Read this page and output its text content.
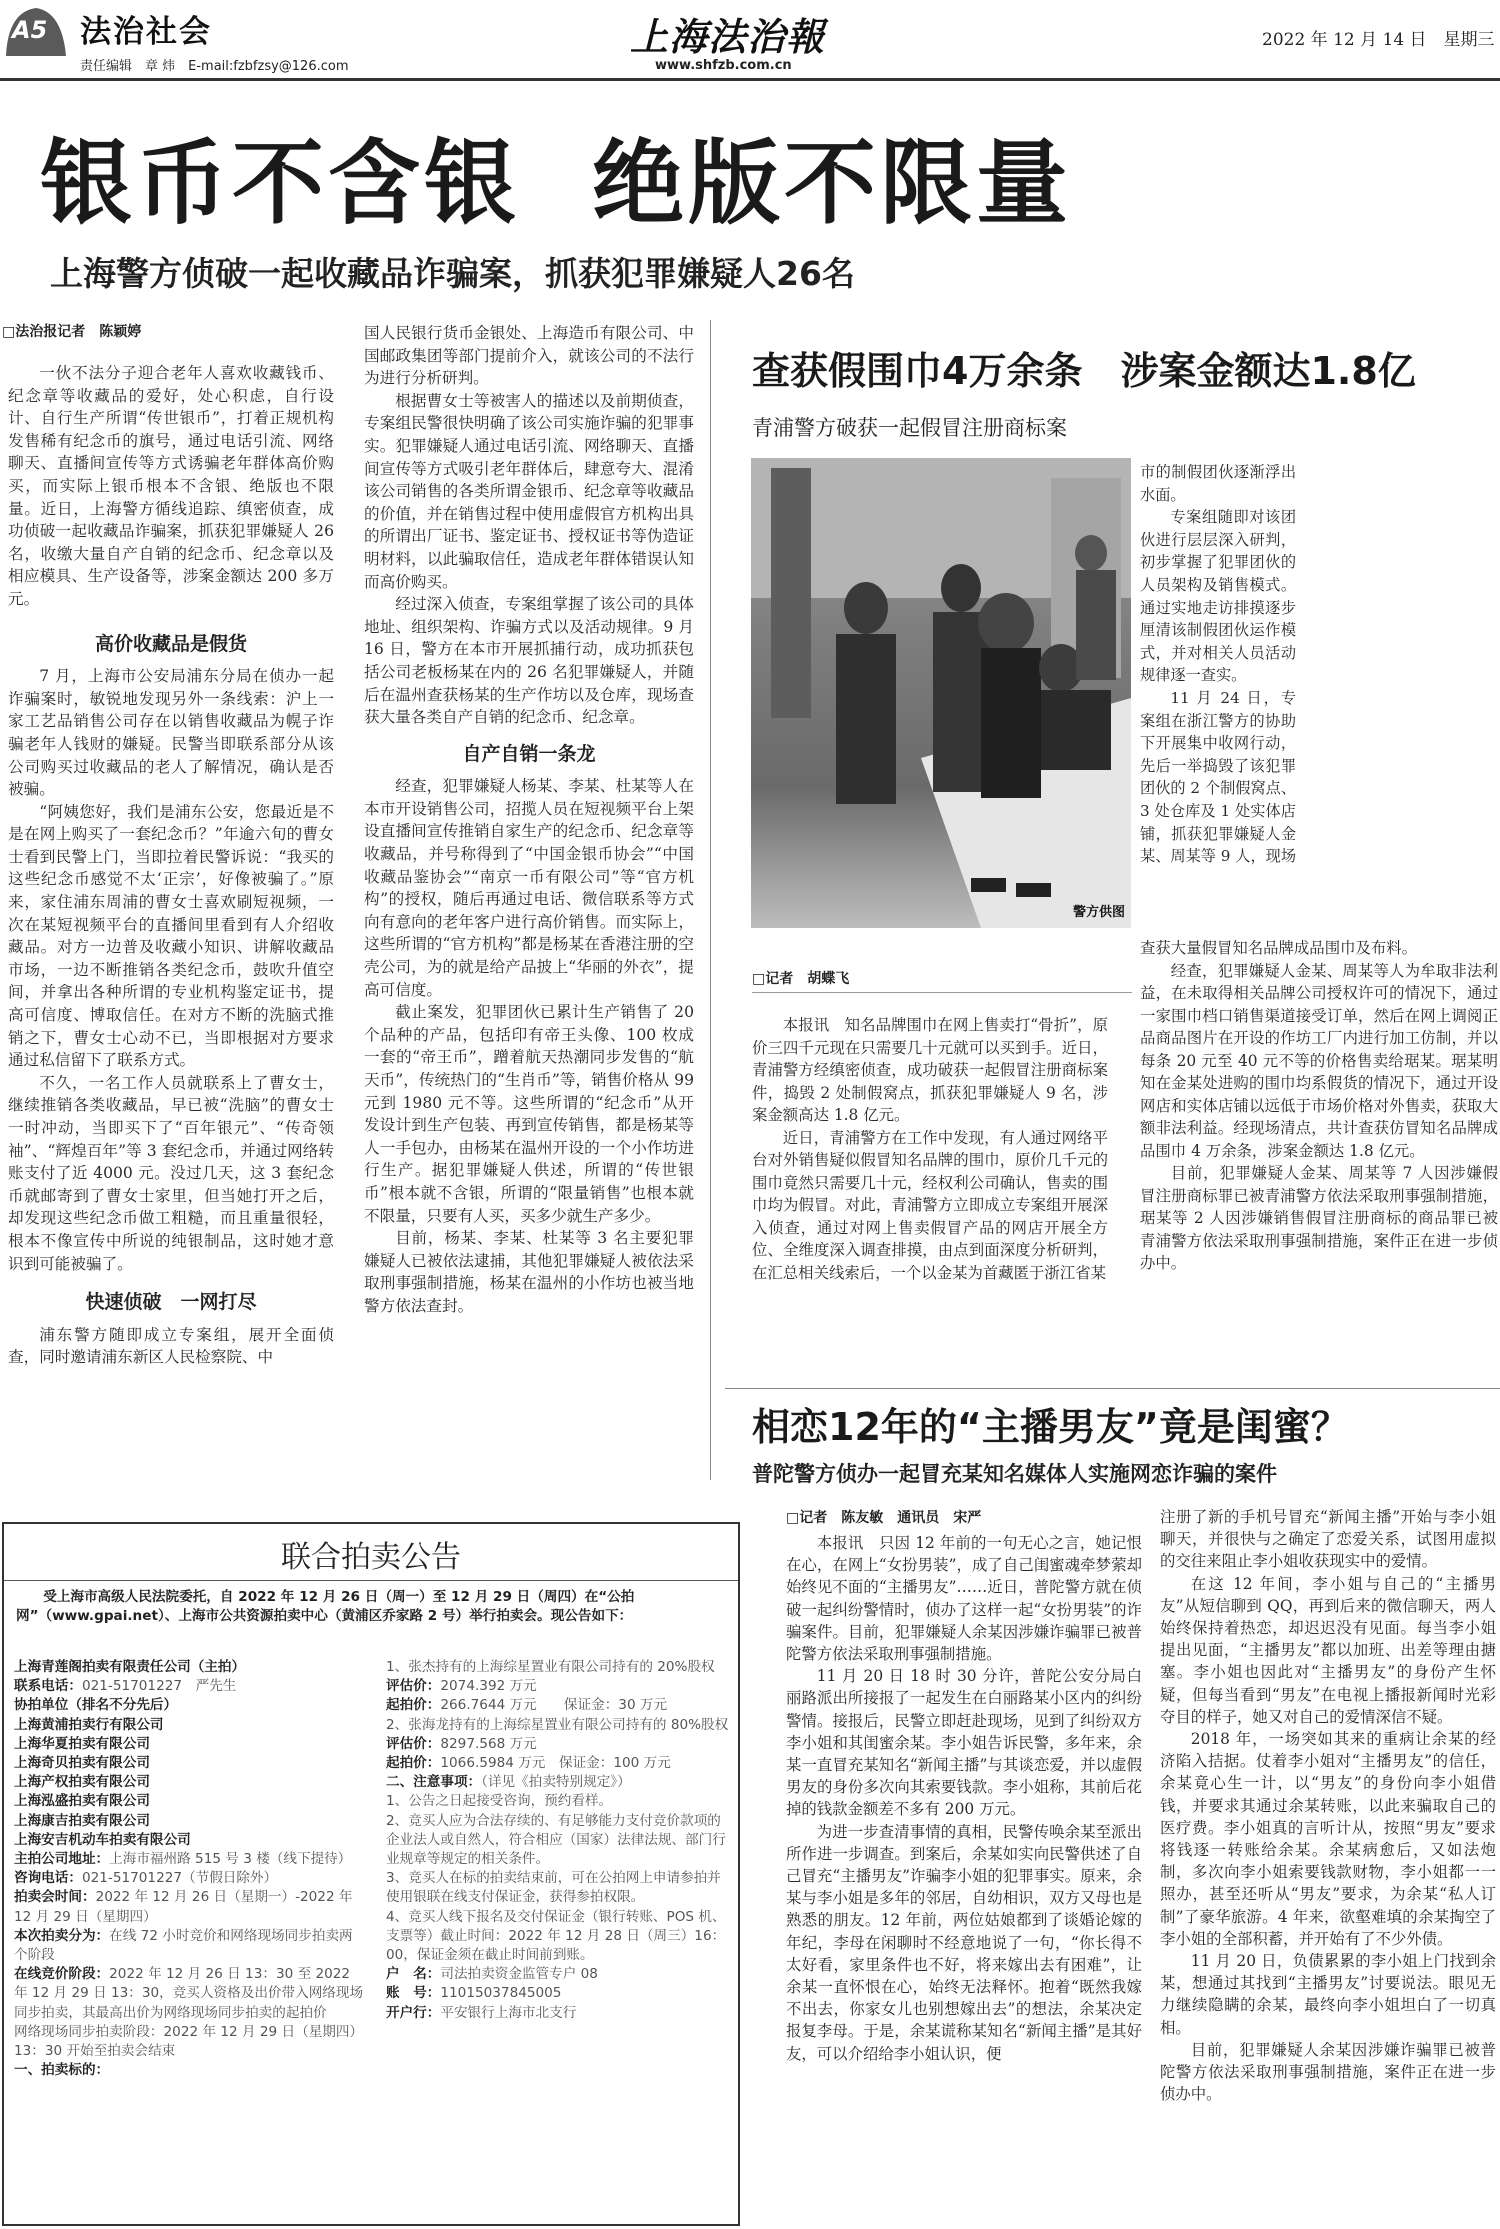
A5 法治社会
责任编辑　章 炜　E-mail:fzbfzsy@126.com
上海法治報
www.shfzb.com.cn
2022 年 12 月 14 日　星期三
银币不含银  绝版不限量
上海警方侦破一起收藏品诈骗案，抓获犯罪嫌疑人26名
□法治报记者　陈颖婷

一伙不法分子迎合老年人喜欢收藏钱币、纪念章等收藏品的爱好，处心积虑，自行设计、自行生产所谓“传世银币”，打着正规机构发售稀有纪念币的旗号，通过电话引流、网络聊天、直播间宣传等方式诱骗老年群体高价购买，而实际上银币根本不含银、绝版也不限量。近日，上海警方循线追踪、缜密侦查，成功侦破一起收藏品诈骗案，抓获犯罪嫌疑人 26 名，收缴大量自产自销的纪念币、纪念章以及相应模具、生产设备等，涉案金额达 200 多万元。

高价收藏品是假货

7 月，上海市公安局浦东分局在侦办一起诈骗案时，敏锐地发现另外一条线索：沪上一家工艺品销售公司存在以销售收藏品为幌子诈骗老年人钱财的嫌疑。民警当即联系部分从该公司购买过收藏品的老人了解情况，确认是否被骗。

“阿姨您好，我们是浦东公安，您最近是不是在网上购买了一套纪念币？”年逾六旬的曹女士看到民警上门，当即拉着民警诉说：“我买的这些纪念币感觉不太‘正宗’，好像被骗了。”原来，家住浦东周浦的曹女士喜欢刷短视频，一次在某短视频平台的直播间里看到有人介绍收藏品。对方一边普及收藏小知识、讲解收藏品市场，一边不断推销各类纪念币，鼓吹升值空间，并拿出各种所谓的专业机构鉴定证书，提高可信度、博取信任。在对方不断的洗脑式推销之下，曹女士心动不已，当即根据对方要求通过私信留下了联系方式。

不久，一名工作人员就联系上了曹女士，继续推销各类收藏品，早已被“洗脑”的曹女士一时冲动，当即买下了“百年银元”、“传奇领袖”、“辉煌百年”等 3 套纪念币，并通过网络转账支付了近 4000 元。没过几天，这 3 套纪念币就邮寄到了曹女士家里，但当她打开之后，却发现这些纪念币做工粗糙，而且重量很轻，根本不像宣传中所说的纯银制品，这时她才意识到可能被骗了。

快速侦破　一网打尽

浦东警方随即成立专案组，展开全面侦查，同时邀请浦东新区人民检察院、中

国人民银行货币金银处、上海造币有限公司、中国邮政集团等部门提前介入，就该公司的不法行为进行分析研判。

根据曹女士等被害人的描述以及前期侦查，专案组民警很快明确了该公司实施诈骗的犯罪事实。犯罪嫌疑人通过电话引流、网络聊天、直播间宣传等方式吸引老年群体后，肆意夸大、混淆该公司销售的各类所谓金银币、纪念章等收藏品的价值，并在销售过程中使用虚假官方机构出具的所谓出厂证书、鉴定证书、授权证书等伪造证明材料，以此骗取信任，造成老年群体错误认知而高价购买。

经过深入侦查，专案组掌握了该公司的具体地址、组织架构、诈骗方式以及活动规律。9 月 16 日，警方在本市开展抓捕行动，成功抓获包括公司老板杨某在内的 26 名犯罪嫌疑人，并随后在温州查获杨某的生产作坊以及仓库，现场查获大量各类自产自销的纪念币、纪念章。

自产自销一条龙

经查，犯罪嫌疑人杨某、李某、杜某等人在本市开设销售公司，招揽人员在短视频平台上架设直播间宣传推销自家生产的纪念币、纪念章等收藏品，并号称得到了“中国金银币协会”“中国收藏品鉴协会”“南京一币有限公司”等“官方机构”的授权，随后再通过电话、微信联系等方式向有意向的老年客户进行高价销售。而实际上，这些所谓的“官方机构”都是杨某在香港注册的空壳公司，为的就是给产品披上“华丽的外衣”，提高可信度。

截止案发，犯罪团伙已累计生产销售了 20 个品种的产品，包括印有帝王头像、100 枚成一套的“帝王币”，蹭着航天热潮同步发售的“航天币”，传统热门的“生肖币”等，销售价格从 99 元到 1980 元不等。这些所谓的“纪念币”从开发设计到生产包装、再到宣传销售，都是杨某等人一手包办，由杨某在温州开设的一个小作坊进行生产。据犯罪嫌疑人供述，所谓的“传世银币”根本就不含银，所谓的“限量销售”也根本就不限量，只要有人买，买多少就生产多少。

目前，杨某、李某、杜某等 3 名主要犯罪嫌疑人已被依法逮捕，其他犯罪嫌疑人被依法采取刑事强制措施，杨某在温州的小作坊也被当地警方依法查封。

查获假围巾4万余条　涉案金额达1.8亿
青浦警方破获一起假冒注册商标案
警方供图

市的制假团伙逐渐浮出水面。

专案组随即对该团伙进行层层深入研判，初步掌握了犯罪团伙的人员架构及销售模式。通过实地走访排摸逐步厘清该制假团伙运作模式，并对相关人员活动规律逐一查实。

11 月 24 日，专案组在浙江警方的协助下开展集中收网行动，先后一举捣毁了该犯罪团伙的 2 个制假窝点、3 处仓库及 1 处实体店铺，抓获犯罪嫌疑人金某、周某等 9 人，现场

□记者　胡蝶飞

本报讯　知名品牌围巾在网上售卖打“骨折”，原价三四千元现在只需要几十元就可以买到手。近日，青浦警方经缜密侦查，成功破获一起假冒注册商标案件，捣毁 2 处制假窝点，抓获犯罪嫌疑人 9 名，涉案金额高达 1.8 亿元。

近日，青浦警方在工作中发现，有人通过网络平台对外销售疑似假冒知名品牌的围巾，原价几千元的围巾竟然只需要几十元，经权利公司确认，售卖的围巾均为假冒。对此，青浦警方立即成立专案组开展深入侦查，通过对网上售卖假冒产品的网店开展全方位、全维度深入调查排摸，由点到面深度分析研判，在汇总相关线索后，一个以金某为首藏匿于浙江省某

查获大量假冒知名品牌成品围巾及布料。

经查，犯罪嫌疑人金某、周某等人为牟取非法利益，在未取得相关品牌公司授权许可的情况下，通过一家围巾档口销售渠道接受订单，然后在网上调阅正品商品图片在开设的作坊工厂内进行加工仿制，并以每条 20 元至 40 元不等的价格售卖给琚某。琚某明知在金某处进购的围巾均系假货的情况下，通过开设网店和实体店铺以远低于市场价格对外售卖，获取大额非法利益。经现场清点，共计查获仿冒知名品牌成品围巾 4 万余条，涉案金额达 1.8 亿元。

目前，犯罪嫌疑人金某、周某等 7 人因涉嫌假冒注册商标罪已被青浦警方依法采取刑事强制措施，琚某等 2 人因涉嫌销售假冒注册商标的商品罪已被青浦警方依法采取刑事强制措施，案件正在进一步侦办中。

相恋12年的“主播男友”竟是闺蜜？
普陀警方侦办一起冒充某知名媒体人实施网恋诈骗的案件
□记者　陈友敏　通讯员　宋严

本报讯　只因 12 年前的一句无心之言，她记恨在心，在网上“女扮男装”，成了自己闺蜜魂牵梦萦却始终见不面的“主播男友”……近日，普陀警方就在侦破一起纠纷警情时，侦办了这样一起“女扮男装”的诈骗案件。目前，犯罪嫌疑人余某因涉嫌诈骗罪已被普陀警方依法采取刑事强制措施。

11 月 20 日 18 时 30 分许，普陀公安分局白丽路派出所接报了一起发生在白丽路某小区内的纠纷警情。接报后，民警立即赶赴现场，见到了纠纷双方李小姐和其闺蜜余某。李小姐告诉民警，多年来，余某一直冒充某知名“新闻主播”与其谈恋爱，并以虚假男友的身份多次向其索要钱款。李小姐称，其前后花掉的钱款金额差不多有 200 万元。

为进一步查清事情的真相，民警传唤余某至派出所作进一步调查。到案后，余某如实向民警供述了自己冒充“主播男友”诈骗李小姐的犯罪事实。原来，余某与李小姐是多年的邻居，自幼相识，双方又母也是熟悉的朋友。12 年前，两位姑娘都到了谈婚论嫁的年纪，李母在闲聊时不经意地说了一句，“你长得不太好看，家里条件也不好，将来嫁出去有困难”，让余某一直怀恨在心，始终无法释怀。抱着“既然我嫁不出去，你家女儿也别想嫁出去”的想法，余某决定报复李母。于是，余某谎称某知名“新闻主播”是其好友，可以介绍给李小姐认识，便

注册了新的手机号冒充“新闻主播”开始与李小姐聊天，并很快与之确定了恋爱关系，试图用虚拟的交往来阻止李小姐收获现实中的爱情。

在这 12 年间，李小姐与自己的“主播男友”从短信聊到 QQ，再到后来的微信聊天，两人始终保持着热恋，却迟迟没有见面。每当李小姐提出见面，“主播男友”都以加班、出差等理由搪塞。李小姐也因此对“主播男友”的身份产生怀疑，但每当看到“男友”在电视上播报新闻时光彩夺目的样子，她又对自己的爱情深信不疑。

2018 年，一场突如其来的重病让余某的经济陷入拮据。仗着李小姐对“主播男友”的信任，余某竟心生一计，以“男友”的身份向李小姐借钱，并要求其通过余某转账，以此来骗取自己的医疗费。李小姐真的言听计从，按照“男友”要求将钱逐一转账给余某。余某病愈后，又如法炮制，多次向李小姐索要钱款财物，李小姐都一一照办，甚至还听从“男友”要求，为余某“私人订制”了豪华旅游。4 年来，欲壑难填的余某掏空了李小姐的全部积蓄，并开始有了不少外债。

11 月 20 日，负债累累的李小姐上门找到余某，想通过其找到“主播男友”讨要说法。眼见无力继续隐瞒的余某，最终向李小姐坦白了一切真相。

目前，犯罪嫌疑人余某因涉嫌诈骗罪已被普陀警方依法采取刑事强制措施，案件正在进一步侦办中。

联合拍卖公告
受上海市高级人民法院委托，自 2022 年 12 月 26 日（周一）至 12 月 29 日（周四）在“公拍网”（www.gpai.net）、上海市公共资源拍卖中心（黄浦区乔家路 2 号）举行拍卖会。现公告如下：
上海青莲阁拍卖有限责任公司（主拍）
联系电话：021-51701227　严先生
协拍单位（排名不分先后）
上海黄浦拍卖行有限公司
上海华夏拍卖有限公司
上海奇贝拍卖有限公司
上海产权拍卖有限公司
上海泓盛拍卖有限公司
上海康吉拍卖有限公司
上海安吉机动车拍卖有限公司
主拍公司地址：上海市福州路 515 号 3 楼（线下提待）
咨询电话：021-51701227（节假日除外）
拍卖会时间：2022 年 12 月 26 日（星期一）-2022 年 12 月 29 日（星期四）
本次拍卖分为：在线 72 小时竞价和网络现场同步拍卖两个阶段
在线竞价阶段：2022 年 12 月 26 日 13：30 至 2022 年 12 月 29 日 13：30，竞买人资格及出价带入网络现场同步拍卖，其最高出价为网络现场同步拍卖的起拍价
网络现场同步拍卖阶段：2022 年 12 月 29 日（星期四）13：30 开始至拍卖会结束
一、拍卖标的：
1、张杰持有的上海综星置业有限公司持有的 20%股权
评估价：2074.392 万元
起拍价：266.7644 万元　　保证金：30 万元
2、张海龙持有的上海综星置业有限公司持有的 80%股权
评估价：8297.568 万元
起拍价：1066.5984 万元　保证金：100 万元
二、注意事项：（详见《拍卖特别规定》）
1、公告之日起接受咨询，预约看样。
2、竞买人应为合法存续的、有足够能力支付竞价款项的企业法人或自然人，符合相应（国家）法律法规、部门行业规章等规定的相关条件。
3、竞买人在标的拍卖结束前，可在公拍网上申请参拍并使用银联在线支付保证金，获得参拍权限。
4、竞买人线下报名及交付保证金（银行转账、POS 机、支票等）截止时间：2022 年 12 月 28 日（周三）16：00，保证金须在截止时间前到账。
户　名：司法拍卖资金监管专户 08
账　号：11015037845005
开户行：平安银行上海市北支行
